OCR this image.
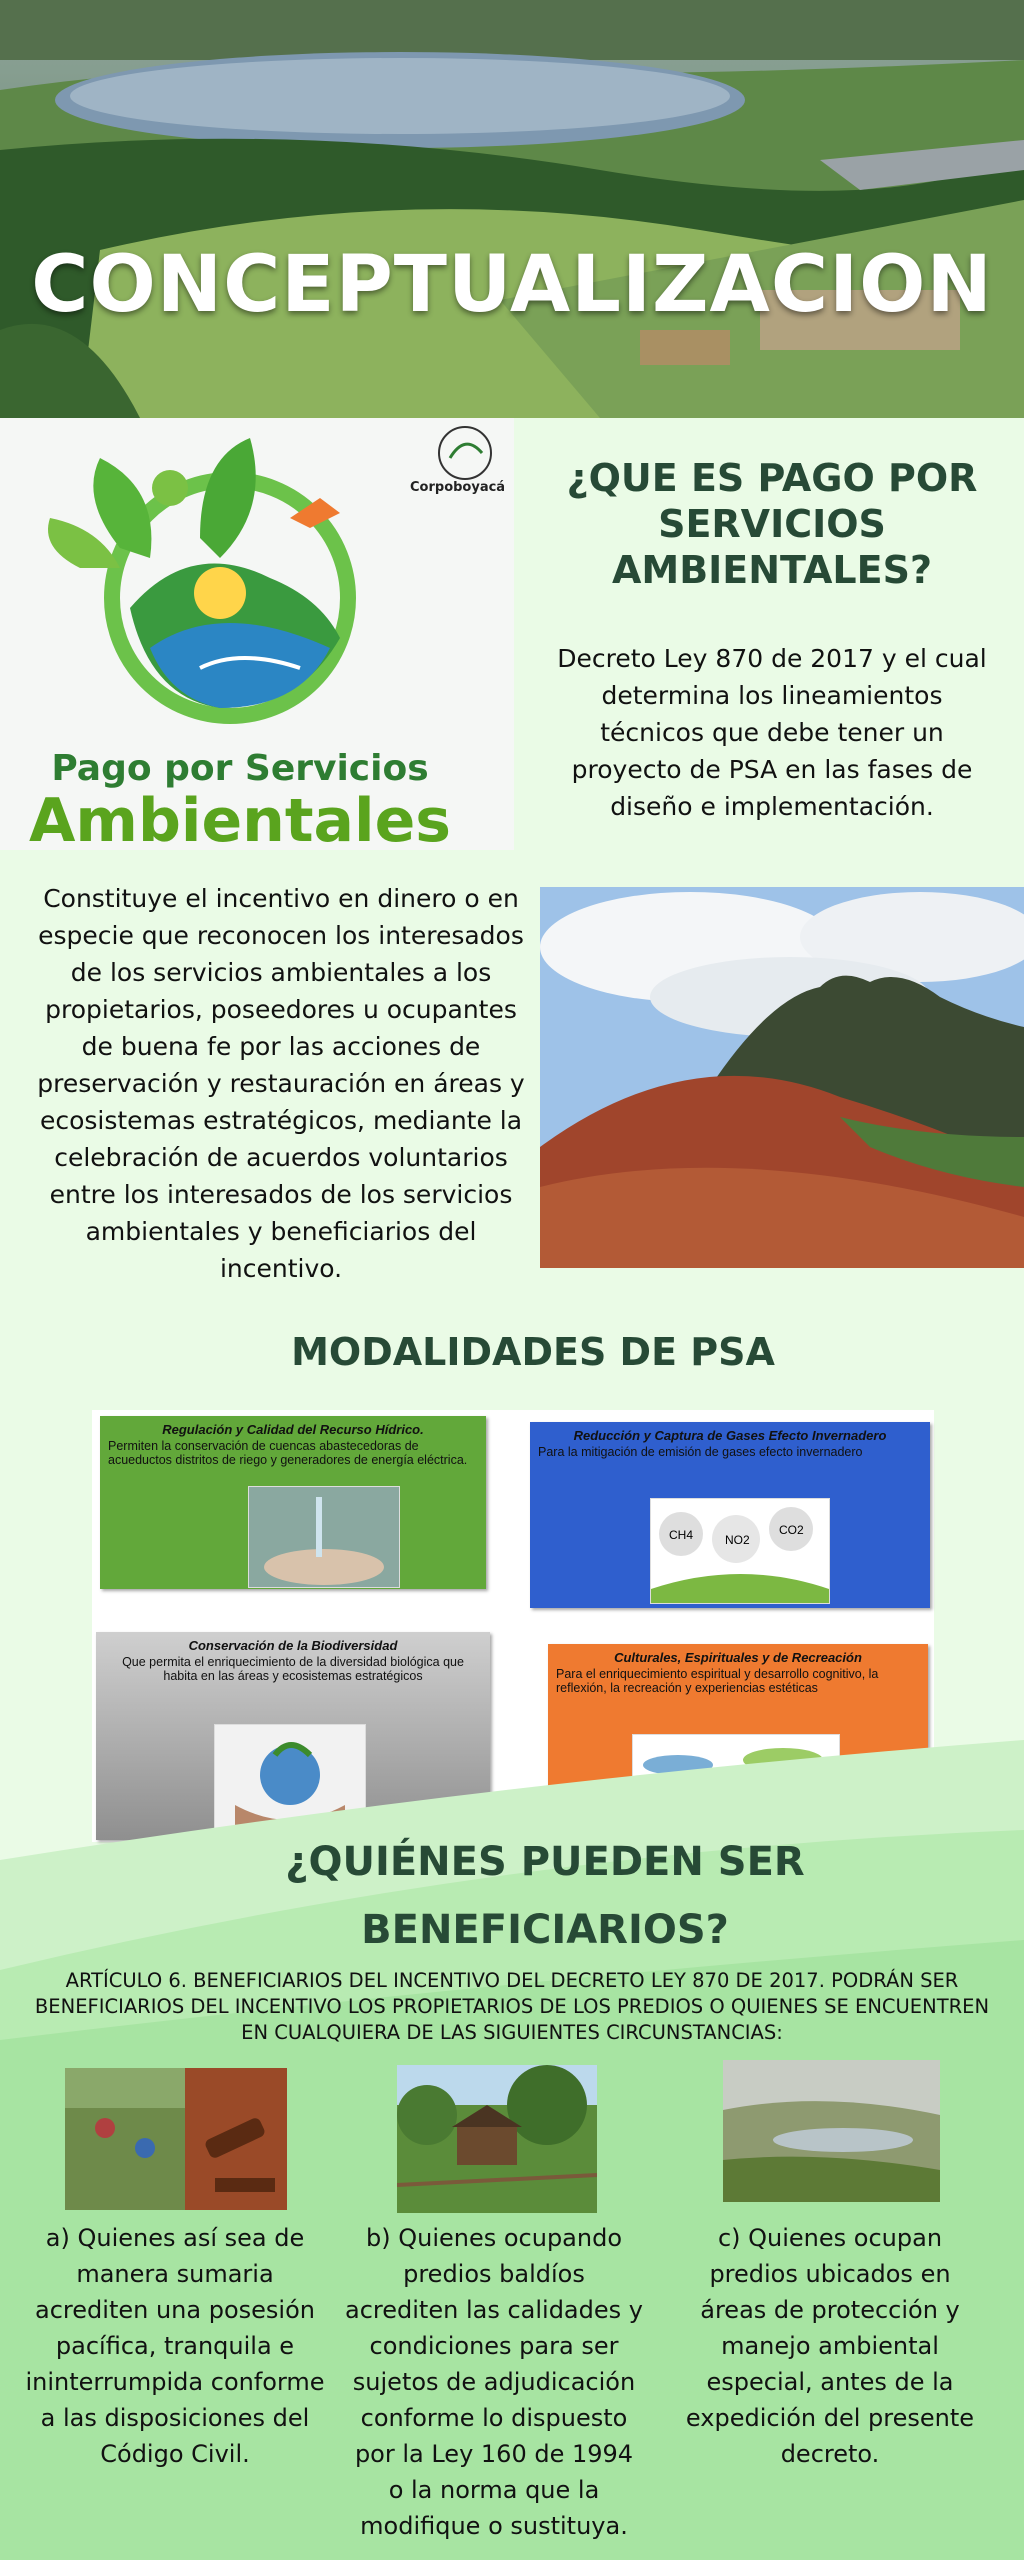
CONCEPTUALIZACION
Corpoboyacá
Pago por Servicios
Ambientales
¿QUE ES PAGO POR SERVICIOS AMBIENTALES?
Decreto Ley 870 de 2017 y el cual determina los lineamientos técnicos que debe tener un proyecto de PSA en las fases de diseño e implementación.
Constituye el incentivo en dinero o en especie que reconocen los interesados de los servicios ambientales a los propietarios, poseedores u ocupantes de buena fe por las acciones de preservación y restauración en áreas y ecosistemas estratégicos, mediante la celebración de acuerdos voluntarios entre los interesados de los servicios ambientales y beneficiarios del incentivo.
MODALIDADES DE PSA
Regulación y Calidad del Recurso Hídrico.
Permiten la conservación de cuencas abastecedoras de acueductos distritos de riego y generadores de energía eléctrica.
Reducción y Captura de Gases Efecto Invernadero
Para la mitigación de emisión de gases efecto invernadero
CH4	NO2
CO2
Conservación de la Biodiversidad
Que permita el enriquecimiento de la diversidad biológica que habita en las áreas y ecosistemas estratégicos
Culturales, Espirituales y de Recreación
Para el enriquecimiento espiritual y desarrollo cognitivo, la reflexión, la recreación y experiencias estéticas
¿QUIÉNES PUEDEN SER
BENEFICIARIOS?
ARTÍCULO 6. BENEFICIARIOS DEL INCENTIVO DEL DECRETO LEY 870 DE 2017. PODRÁN SER BENEFICIARIOS DEL INCENTIVO LOS PROPIETARIOS DE LOS PREDIOS O QUIENES SE ENCUENTREN EN CUALQUIERA DE LAS SIGUIENTES CIRCUNSTANCIAS:
a) Quienes así sea de manera sumaria acrediten una posesión pacífica, tranquila e ininterrumpida conforme a las disposiciones del Código Civil.
b) Quienes ocupando predios baldíos acrediten las calidades y condiciones para ser sujetos de adjudicación conforme lo dispuesto por la Ley 160 de 1994 o la norma que la modifique o sustituya.
c) Quienes ocupan predios ubicados en áreas de protección y manejo ambiental especial, antes de la expedición del presente decreto.
